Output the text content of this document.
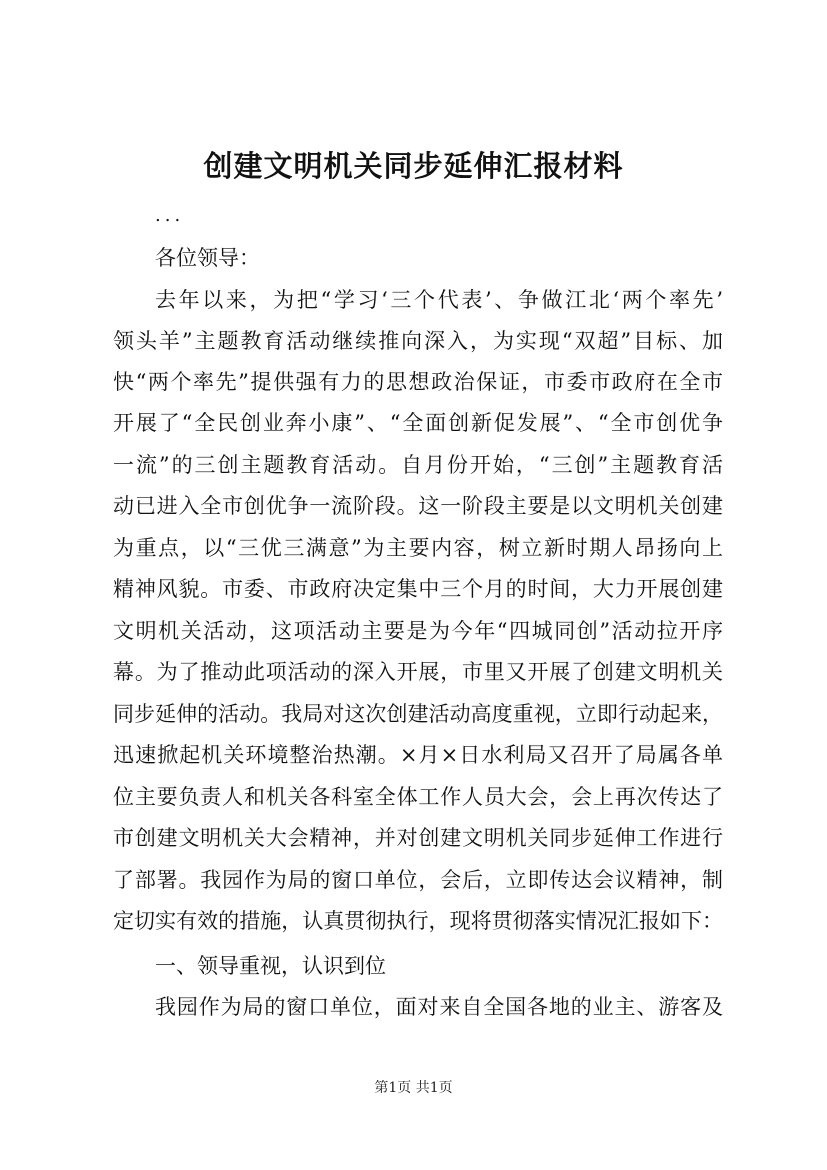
创建文明机关同步延伸汇报材料
...
各位领导：
去年以来，为把“学习‘三个代表’、争做江北‘两个率先’
领头羊”主题教育活动继续推向深入，为实现“双超”目标、加
快“两个率先”提供强有力的思想政治保证，市委市政府在全市
开展了“全民创业奔小康”、“全面创新促发展”、“全市创优争
一流”的三创主题教育活动。自月份开始，“三创”主题教育活
动已进入全市创优争一流阶段。这一阶段主要是以文明机关创建
为重点，以“三优三满意”为主要内容，树立新时期人昂扬向上
精神风貌。市委、市政府决定集中三个月的时间，大力开展创建
文明机关活动，这项活动主要是为今年“四城同创”活动拉开序
幕。为了推动此项活动的深入开展，市里又开展了创建文明机关
同步延伸的活动。我局对这次创建活动高度重视，立即行动起来，
迅速掀起机关环境整治热潮。×月×日水利局又召开了局属各单
位主要负责人和机关各科室全体工作人员大会，会上再次传达了
市创建文明机关大会精神，并对创建文明机关同步延伸工作进行
了部署。我园作为局的窗口单位，会后，立即传达会议精神，制
定切实有效的措施，认真贯彻执行，现将贯彻落实情况汇报如下：
一、领导重视，认识到位
我园作为局的窗口单位，面对来自全国各地的业主、游客及
第1页 共1页
